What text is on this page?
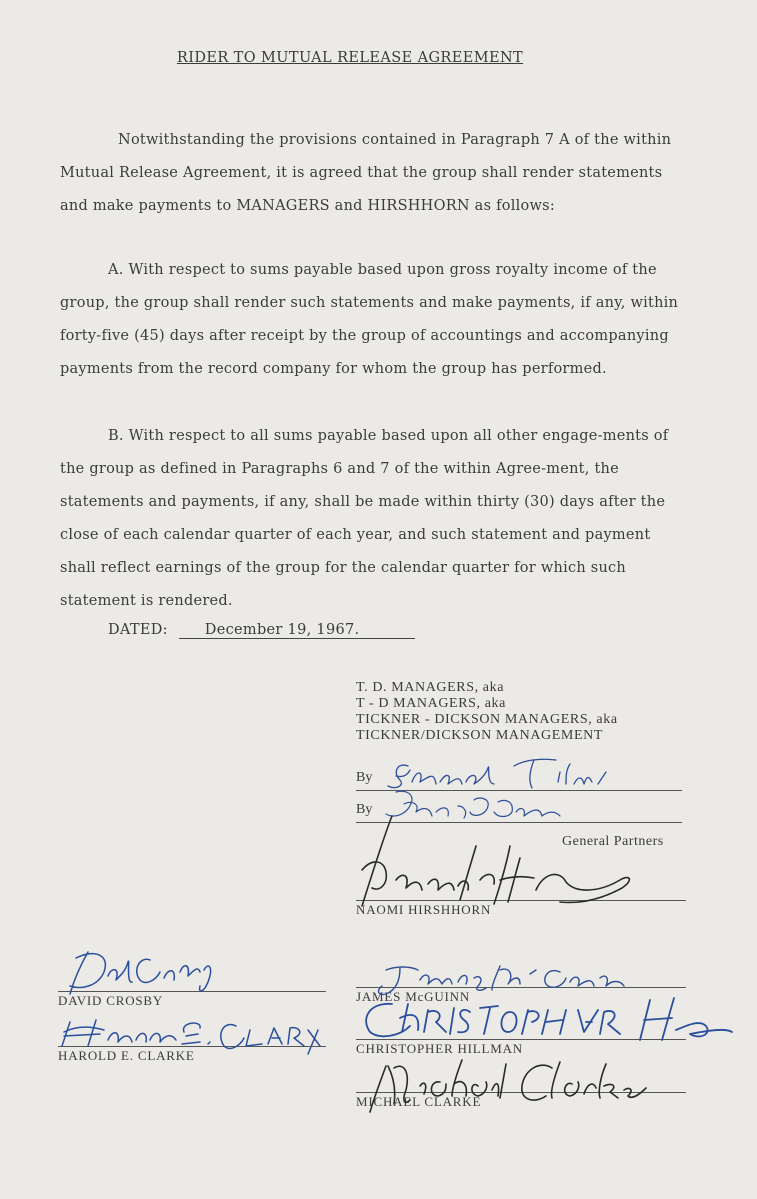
RIDER TO MUTUAL RELEASE AGREEMENT
Notwithstanding the provisions contained in Paragraph 7 A of the within Mutual Release Agreement, it is agreed that the group shall render statements and make payments to MANAGERS and HIRSHHORN as follows:
A. With respect to sums payable based upon gross royalty income of the group, the group shall render such statements and make payments, if any, within forty-five (45) days after receipt by the group of accountings and accompanying payments from the record company for whom the group has performed.
B. With respect to all sums payable based upon all other engage-ments of the group as defined in Paragraphs 6 and 7 of the within Agree-ment, the statements and payments, if any, shall be made within thirty (30) days after the close of each calendar quarter of each year, and such statement and payment shall reflect earnings of the group for the calendar quarter for which such statement is rendered.
DATED:	December 19, 1967.
T. D. MANAGERS, aka
T - D MANAGERS, aka
TICKNER - DICKSON MANAGERS, aka
TICKNER/DICKSON MANAGEMENT
By
By
General Partners
NAOMI HIRSHHORN
DAVID CROSBY
HAROLD E. CLARKE
JAMES McGUINN
CHRISTOPHER HILLMAN
MICHAEL CLARKE
